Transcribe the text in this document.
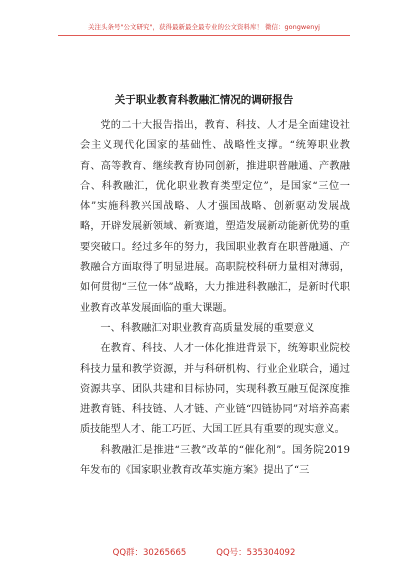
关注头条号"公文研究"，获得最新最全最专业的公文资料库！ 微信：gongwenyj
关于职业教育科教融汇情况的调研报告

党的二十大报告指出，教育、科技、人才是全面建设社会主义现代化国家的基础性、战略性支撑。“统筹职业教育、高等教育、继续教育协同创新，推进职普融通、产教融合、科教融汇，优化职业教育类型定位”，是国家“三位一体”实施科教兴国战略、人才强国战略、创新驱动发展战略，开辟发展新领域、新赛道，塑造发展新动能新优势的重要突破口。经过多年的努力，我国职业教育在职普融通、产教融合方面取得了明显进展。高职院校科研力量相对薄弱，如何贯彻“三位一体”战略，大力推进科教融汇，是新时代职业教育改革发展面临的重大课题。

一、科教融汇对职业教育高质量发展的重要意义

在教育、科技、人才一体化推进背景下，统筹职业院校科技力量和教学资源，并与科研机构、行业企业联合，通过资源共享、团队共建和目标协同，实现科教互融互促深度推进教育链、科技链、人才链、产业链“四链协同”对培养高素质技能型人才、能工巧匠、大国工匠具有重要的现实意义。

科教融汇是推进“三教”改革的“催化剂”。国务院2019年发布的《国家职业教育改革实施方案》提出了“三

QQ群：30265665	QQ号：535304092
